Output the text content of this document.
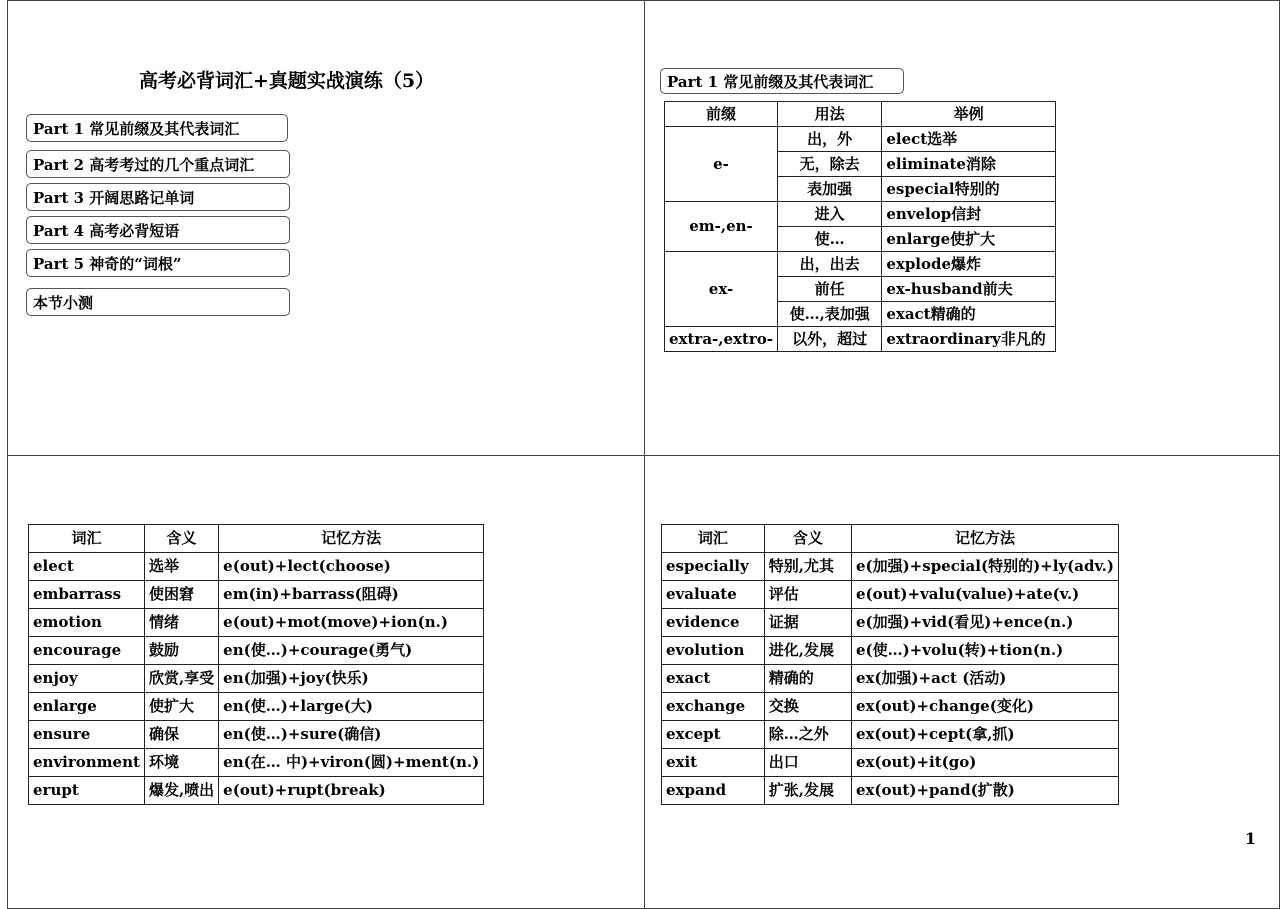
高考必背词汇+真题实战演练（5）
Part 1 常见前缀及其代表词汇
Part 2 高考考过的几个重点词汇
Part 3 开阔思路记单词
Part 4 高考必背短语
Part 5 神奇的“词根”
本节小测
Part 1 常见前缀及其代表词汇
前缀	用法	举例
e-	出，外	elect选举
	无，除去	eliminate消除
	表加强	especial特别的
em-,en-	进入	envelop信封
	使…	enlarge使扩大
ex-	出，出去	explode爆炸
	前任	ex-husband前夫
	使…,表加强	exact精确的
extra-,extro-	以外，超过	extraordinary非凡的
词汇	含义	记忆方法
elect	选举	e(out)+lect(choose)
embarrass	使困窘	em(in)+barrass(阻碍)
emotion	情绪	e(out)+mot(move)+ion(n.)
encourage	鼓励	en(使…)+courage(勇气)
enjoy	欣赏,享受	en(加强)+joy(快乐)
enlarge	使扩大	en(使…)+large(大)
ensure	确保	en(使…)+sure(确信)
environment	环境	en(在… 中)+viron(圆)+ment(n.)
erupt	爆发,喷出	e(out)+rupt(break)
词汇	含义	记忆方法
especially	特别,尤其	e(加强)+special(特别的)+ly(adv.)
evaluate	评估	e(out)+valu(value)+ate(v.)
evidence	证据	e(加强)+vid(看见)+ence(n.)
evolution	进化,发展	e(使…)+volu(转)+tion(n.)
exact	精确的	ex(加强)+act (活动)
exchange	交换	ex(out)+change(变化)
except	除…之外	ex(out)+cept(拿,抓)
exit	出口	ex(out)+it(go)
expand	扩张,发展	ex(out)+pand(扩散)
1
